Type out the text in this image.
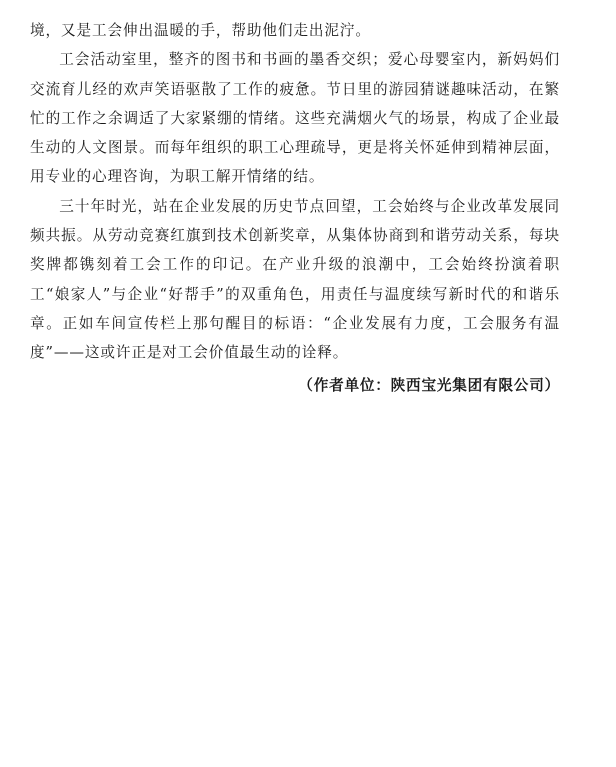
境，又是工会伸出温暖的手，帮助他们走出泥泞。

工会活动室里，整齐的图书和书画的墨香交织；爱心母婴室内，新妈妈们交流育儿经的欢声笑语驱散了工作的疲惫。节日里的游园猜谜趣味活动，在繁忙的工作之余调适了大家紧绷的情绪。这些充满烟火气的场景，构成了企业最生动的人文图景。而每年组织的职工心理疏导，更是将关怀延伸到精神层面，用专业的心理咨询，为职工解开情绪的结。

三十年时光，站在企业发展的历史节点回望，工会始终与企业改革发展同频共振。从劳动竞赛红旗到技术创新奖章，从集体协商到和谐劳动关系，每块奖牌都镌刻着工会工作的印记。在产业升级的浪潮中，工会始终扮演着职工“娘家人”与企业“好帮手”的双重角色，用责任与温度续写新时代的和谐乐章。正如车间宣传栏上那句醒目的标语：“企业发展有力度，工会服务有温度”——这或许正是对工会价值最生动的诠释。

（作者单位：陕西宝光集团有限公司）
